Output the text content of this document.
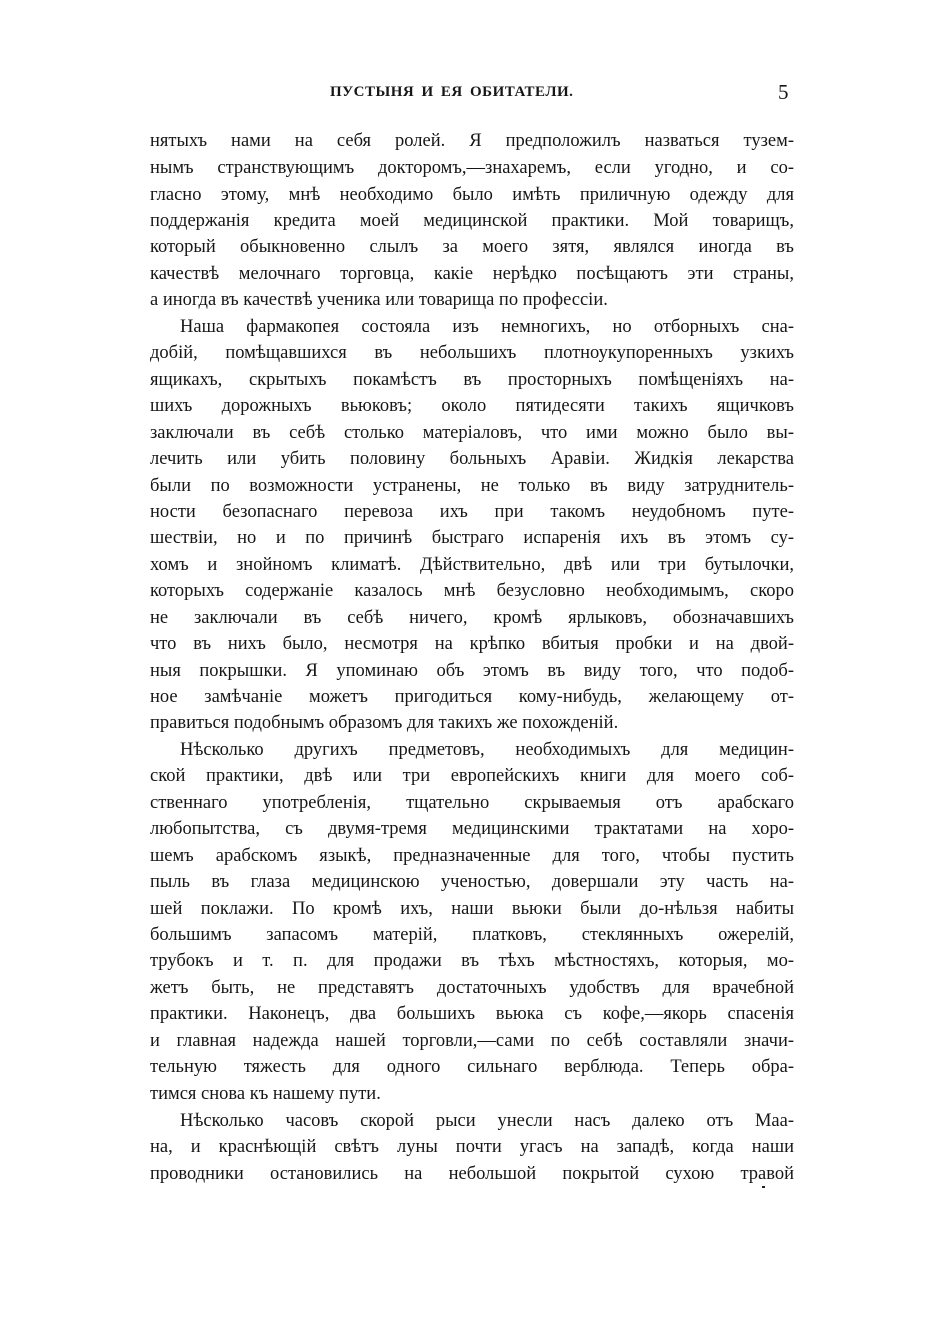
ПУСТЫНЯ И ЕЯ ОБИТАТЕЛИ.	5
нятыхъ нами на себя ролей. Я предположилъ назваться тузем-
нымъ странствующимъ докторомъ,—знахаремъ, если угодно, и со-
гласно этому, мнѣ необходимо было имѣть приличную одежду для
поддержанія кредита моей медицинской практики. Мой товарищъ,
который обыкновенно слылъ за моего зятя, являлся иногда въ
качествѣ мелочнаго торговца, какіе нерѣдко посѣщаютъ эти страны,
а иногда въ качествѣ ученика или товарища по профессіи.
Наша фармакопея состояла изъ немногихъ, но отборныхъ сна-
добій, помѣщавшихся въ небольшихъ плотноукупоренныхъ узкихъ
ящикахъ, скрытыхъ покамѣстъ въ просторныхъ помѣщеніяхъ на-
шихъ дорожныхъ вьюковъ; около пятидесяти такихъ ящичковъ
заключали въ себѣ столько матеріаловъ, что ими можно было вы-
лечить или убить половину больныхъ Аравіи. Жидкія лекарства
были по возможности устранены, не только въ виду затруднитель-
ности безопаснаго перевоза ихъ при такомъ неудобномъ путе-
шествіи, но и по причинѣ быстраго испаренія ихъ въ этомъ су-
хомъ и знойномъ климатѣ. Дѣйствительно, двѣ или три бутылочки,
которыхъ содержаніе казалось мнѣ безусловно необходимымъ, скоро
не заключали въ себѣ ничего, кромѣ ярлыковъ, обозначавшихъ
что въ нихъ было, несмотря на крѣпко вбитыя пробки и на двой-
ныя покрышки. Я упоминаю объ этомъ въ виду того, что подоб-
ное замѣчаніе можетъ пригодиться кому-нибудь, желающему от-
правиться подобнымъ образомъ для такихъ же похожденій.
Нѣсколько другихъ предметовъ, необходимыхъ для медицин-
ской практики, двѣ или три европейскихъ книги для моего соб-
ственнаго употребленія, тщательно скрываемыя отъ арабскаго
любопытства, съ двумя-тремя медицинскими трактатами на хоро-
шемъ арабскомъ языкѣ, предназначенные для того, чтобы пустить
пыль въ глаза медицинскою ученостью, довершали эту часть на-
шей поклажи. По кромѣ ихъ, наши вьюки были до-нѣльзя набиты
большимъ запасомъ матерій, платковъ, стеклянныхъ ожерелій,
трубокъ и т. п. для продажи въ тѣхъ мѣстностяхъ, которыя, мо-
жетъ быть, не представятъ достаточныхъ удобствъ для врачебной
практики. Наконецъ, два большихъ вьюка съ кофе,—якорь спасенія
и главная надежда нашей торговли,—сами по себѣ составляли значи-
тельную тяжесть для одного сильнаго верблюда. Теперь обра-
тимся снова къ нашему пути.
Нѣсколько часовъ скорой рыси унесли насъ далеко отъ Маа-
на, и краснѣющій свѣтъ луны почти угасъ на западѣ, когда наши
проводники остановились на небольшой покрытой сухою травой
